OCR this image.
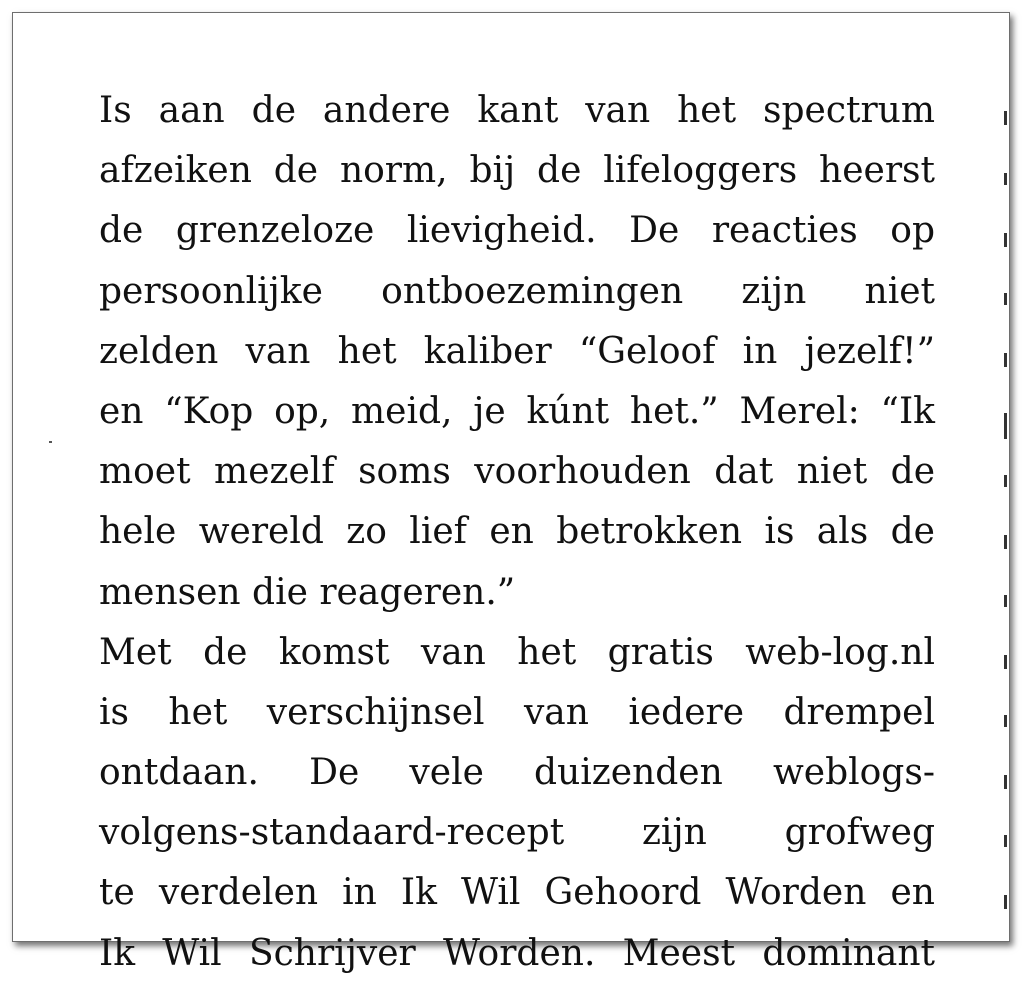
Is aan de andere kant van het spectrum
afzeiken de norm, bij de lifeloggers heerst
de grenzeloze lievigheid. De reacties op
persoonlijke ontboezemingen zijn niet
zelden van het kaliber “Geloof in jezelf!”
en “Kop op, meid, je kúnt het.” Merel: “Ik
moet mezelf soms voorhouden dat niet de
hele wereld zo lief en betrokken is als de
mensen die reageren.”
Met de komst van het gratis web-log.nl
is het verschijnsel van iedere drempel
ontdaan. De vele duizenden weblogs-
volgens-standaard-recept zijn grofweg
te verdelen in Ik Wil Gehoord Worden en
Ik Wil Schrijver Worden. Meest dominant
